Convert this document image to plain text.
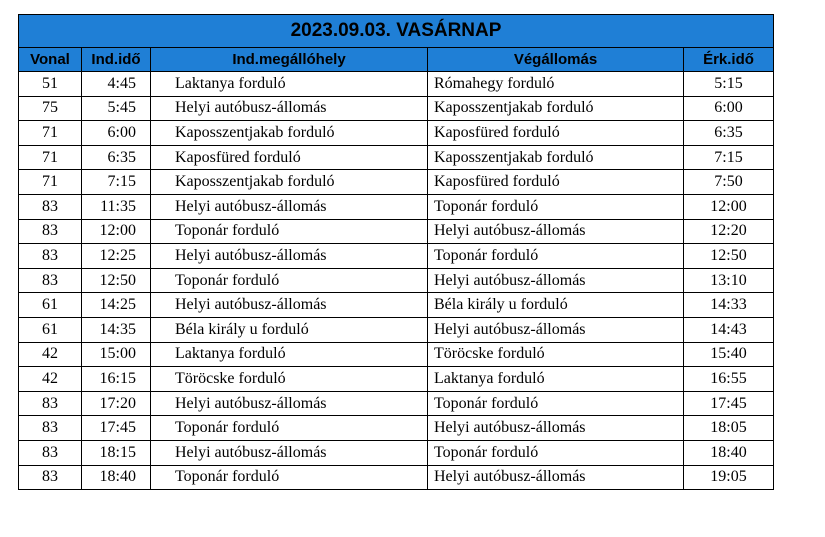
2023.09.03. VASÁRNAP				
Vonal	Ind.idő	Ind.megállóhely	Végállomás	Érk.idő
51	4:45	Laktanya forduló	Rómahegy forduló	5:15
75	5:45	Helyi autóbusz-állomás	Kaposszentjakab forduló	6:00
71	6:00	Kaposszentjakab forduló	Kaposfüred forduló	6:35
71	6:35	Kaposfüred forduló	Kaposszentjakab forduló	7:15
71	7:15	Kaposszentjakab forduló	Kaposfüred forduló	7:50
83	11:35	Helyi autóbusz-állomás	Toponár forduló	12:00
83	12:00	Toponár forduló	Helyi autóbusz-állomás	12:20
83	12:25	Helyi autóbusz-állomás	Toponár forduló	12:50
83	12:50	Toponár forduló	Helyi autóbusz-állomás	13:10
61	14:25	Helyi autóbusz-állomás	Béla király u forduló	14:33
61	14:35	Béla király u forduló	Helyi autóbusz-állomás	14:43
42	15:00	Laktanya forduló	Töröcske forduló	15:40
42	16:15	Töröcske forduló	Laktanya forduló	16:55
83	17:20	Helyi autóbusz-állomás	Toponár forduló	17:45
83	17:45	Toponár forduló	Helyi autóbusz-állomás	18:05
83	18:15	Helyi autóbusz-állomás	Toponár forduló	18:40
83	18:40	Toponár forduló	Helyi autóbusz-állomás	19:05
